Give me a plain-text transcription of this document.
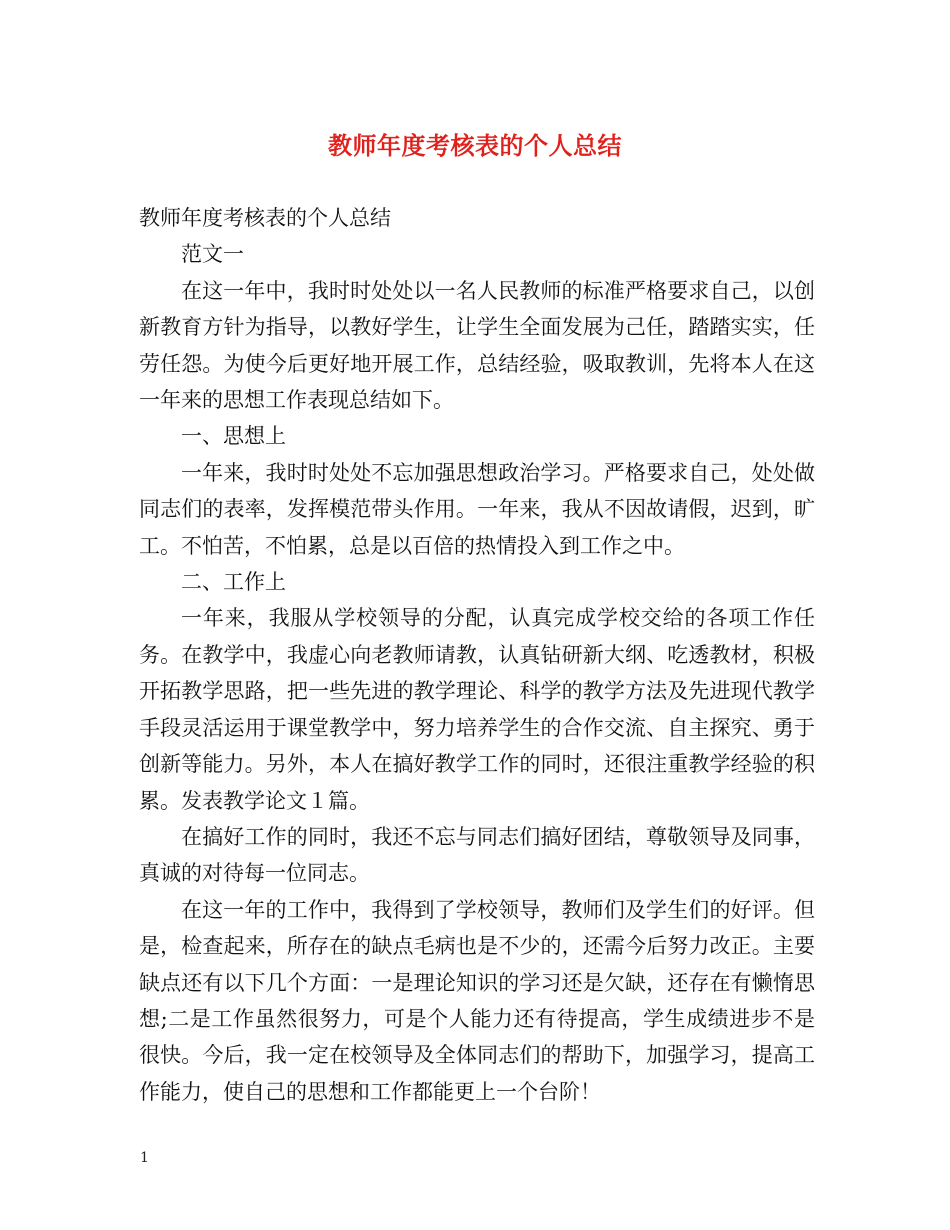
教师年度考核表的个人总结

教师年度考核表的个人总结

范文一

在这一年中，我时时处处以一名人民教师的标准严格要求自己，以创新教育方针为指导，以教好学生，让学生全面发展为己任，踏踏实实，任劳任怨。为使今后更好地开展工作，总结经验，吸取教训，先将本人在这一年来的思想工作表现总结如下。

一、思想上

一年来，我时时处处不忘加强思想政治学习。严格要求自己，处处做同志们的表率，发挥模范带头作用。一年来，我从不因故请假，迟到，旷工。不怕苦，不怕累，总是以百倍的热情投入到工作之中。

二、工作上

一年来，我服从学校领导的分配，认真完成学校交给的各项工作任务。在教学中，我虚心向老教师请教，认真钻研新大纲、吃透教材，积极开拓教学思路，把一些先进的教学理论、科学的教学方法及先进现代教学手段灵活运用于课堂教学中，努力培养学生的合作交流、自主探究、勇于创新等能力。另外，本人在搞好教学工作的同时，还很注重教学经验的积累。发表教学论文１篇。

在搞好工作的同时，我还不忘与同志们搞好团结，尊敬领导及同事，真诚的对待每一位同志。

在这一年的工作中，我得到了学校领导，教师们及学生们的好评。但是，检查起来，所存在的缺点毛病也是不少的，还需今后努力改正。主要缺点还有以下几个方面：一是理论知识的学习还是欠缺，还存在有懒惰思想;二是工作虽然很努力，可是个人能力还有待提高，学生成绩进步不是很快。今后，我一定在校领导及全体同志们的帮助下，加强学习，提高工作能力，使自己的思想和工作都能更上一个台阶！

1
